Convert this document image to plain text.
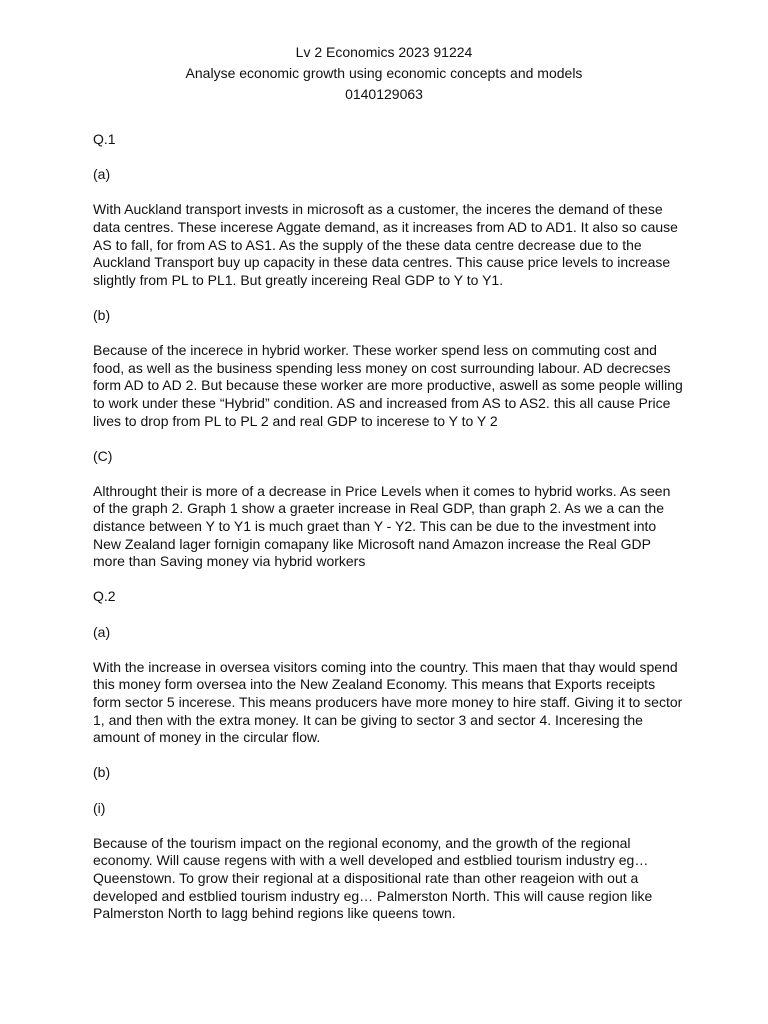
Lv 2 Economics 2023 91224
Analyse economic growth using economic concepts and models
0140129063

Q.1

(a)

With Auckland transport invests in microsoft as a customer, the inceres the demand of these data centres. These incerese Aggate demand, as it increases from AD to AD1. It also so cause AS to fall, for from AS to AS1. As the supply of the these data centre decrease due to the Auckland Transport buy up capacity in these data centres. This cause price levels to increase slightly from PL to PL1. But greatly incereing Real GDP to Y to Y1.

(b)

Because of the incerece in hybrid worker. These worker spend less on commuting cost and food, as well as the business spending less money on cost surrounding labour. AD decrecses form AD to AD 2. But because these worker are more productive, aswell as some people willing to work under these “Hybrid” condition. AS and increased from AS to AS2. this all cause Price lives to drop from PL to PL 2 and real GDP to incerese to Y to Y 2

(C)

Althrought their is more of a decrease in Price Levels when it comes to hybrid works. As seen of the graph 2. Graph 1 show a graeter increase in Real GDP, than graph 2. As we a can the distance between Y to Y1 is much graet than Y - Y2. This can be due to the investment into New Zealand lager fornigin comapany like Microsoft nand Amazon increase the Real GDP more than Saving money via hybrid workers

Q.2

(a)

With the increase in oversea visitors coming into the country. This maen that thay would spend this money form oversea into the New Zealand Economy. This means that Exports receipts form sector 5 incerese. This means producers have more money to hire staff. Giving it to sector 1, and then with the extra money. It can be giving to sector 3 and sector 4. Inceresing the amount of money in the circular flow.

(b)

(i)

Because of the tourism impact on the regional economy, and the growth of the regional economy. Will cause regens with with a well developed and estblied tourism industry eg… Queenstown. To grow their regional at a dispositional rate than other reageion with out a developed and estblied tourism industry eg… Palmerston North. This will cause region like Palmerston North to lagg behind regions like queens town.
